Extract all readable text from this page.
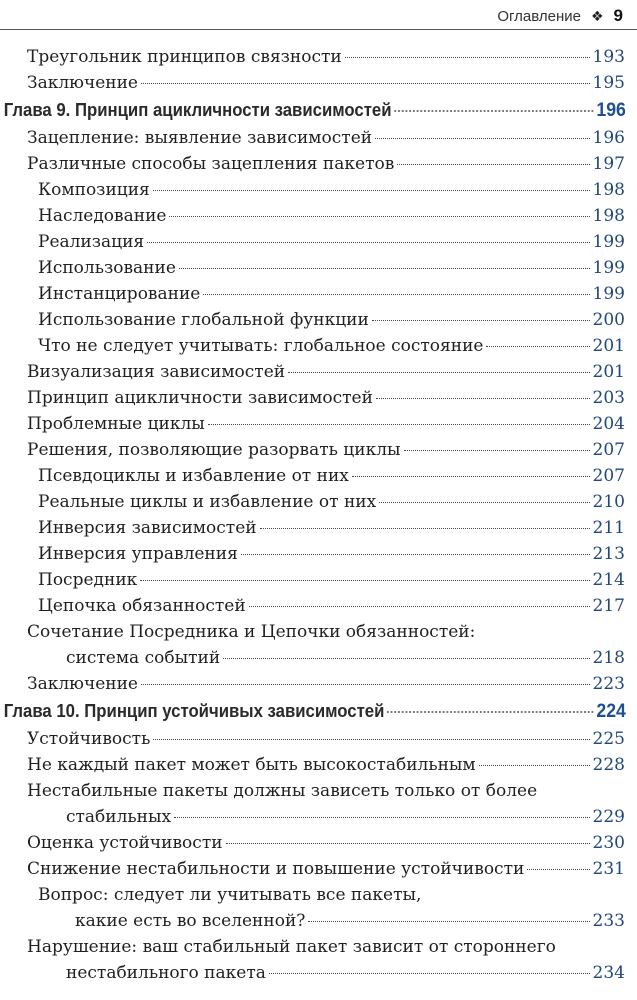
Оглавление ❖ 9
Треугольник принципов связности	193
Заключение	195
Глава 9. Принцип ацикличности зависимостей	196
Зацепление: выявление зависимостей	196
Различные способы зацепления пакетов	197
Композиция	198
Наследование	198
Реализация	199
Использование	199
Инстанцирование	199
Использование глобальной функции	200
Что не следует учитывать: глобальное состояние	201
Визуализация зависимостей	201
Принцип ацикличности зависимостей	203
Проблемные циклы	204
Решения, позволяющие разорвать циклы	207
Псевдоциклы и избавление от них	207
Реальные циклы и избавление от них	210
Инверсия зависимостей	211
Инверсия управления	213
Посредник	214
Цепочка обязанностей	217
Сочетание Посредника и Цепочки обязанностей:
система событий	218
Заключение	223
Глава 10. Принцип устойчивых зависимостей	224
Устойчивость	225
Не каждый пакет может быть высокостабильным	228
Нестабильные пакеты должны зависеть только от более
стабильных	229
Оценка устойчивости	230
Снижение нестабильности и повышение устойчивости	231
Вопрос: следует ли учитывать все пакеты,
какие есть во вселенной?	233
Нарушение: ваш стабильный пакет зависит от стороннего
нестабильного пакета	234
